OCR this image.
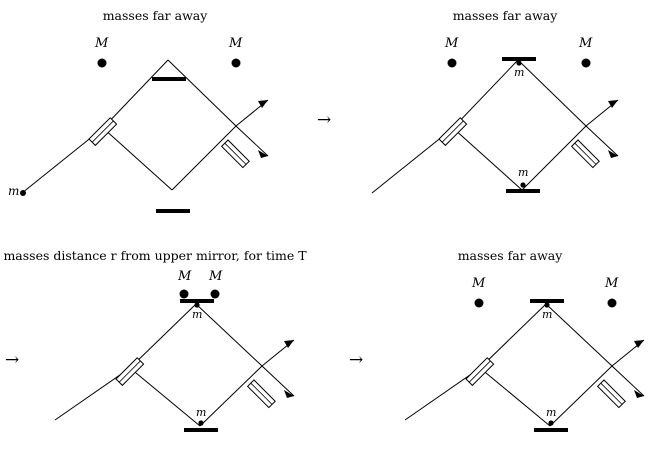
masses far away
M	M
m
→
masses far away
M	M
m
m
→
masses distance r from upper mirror, for time T
M M
m
m
→
masses far away
M	M
m
m
